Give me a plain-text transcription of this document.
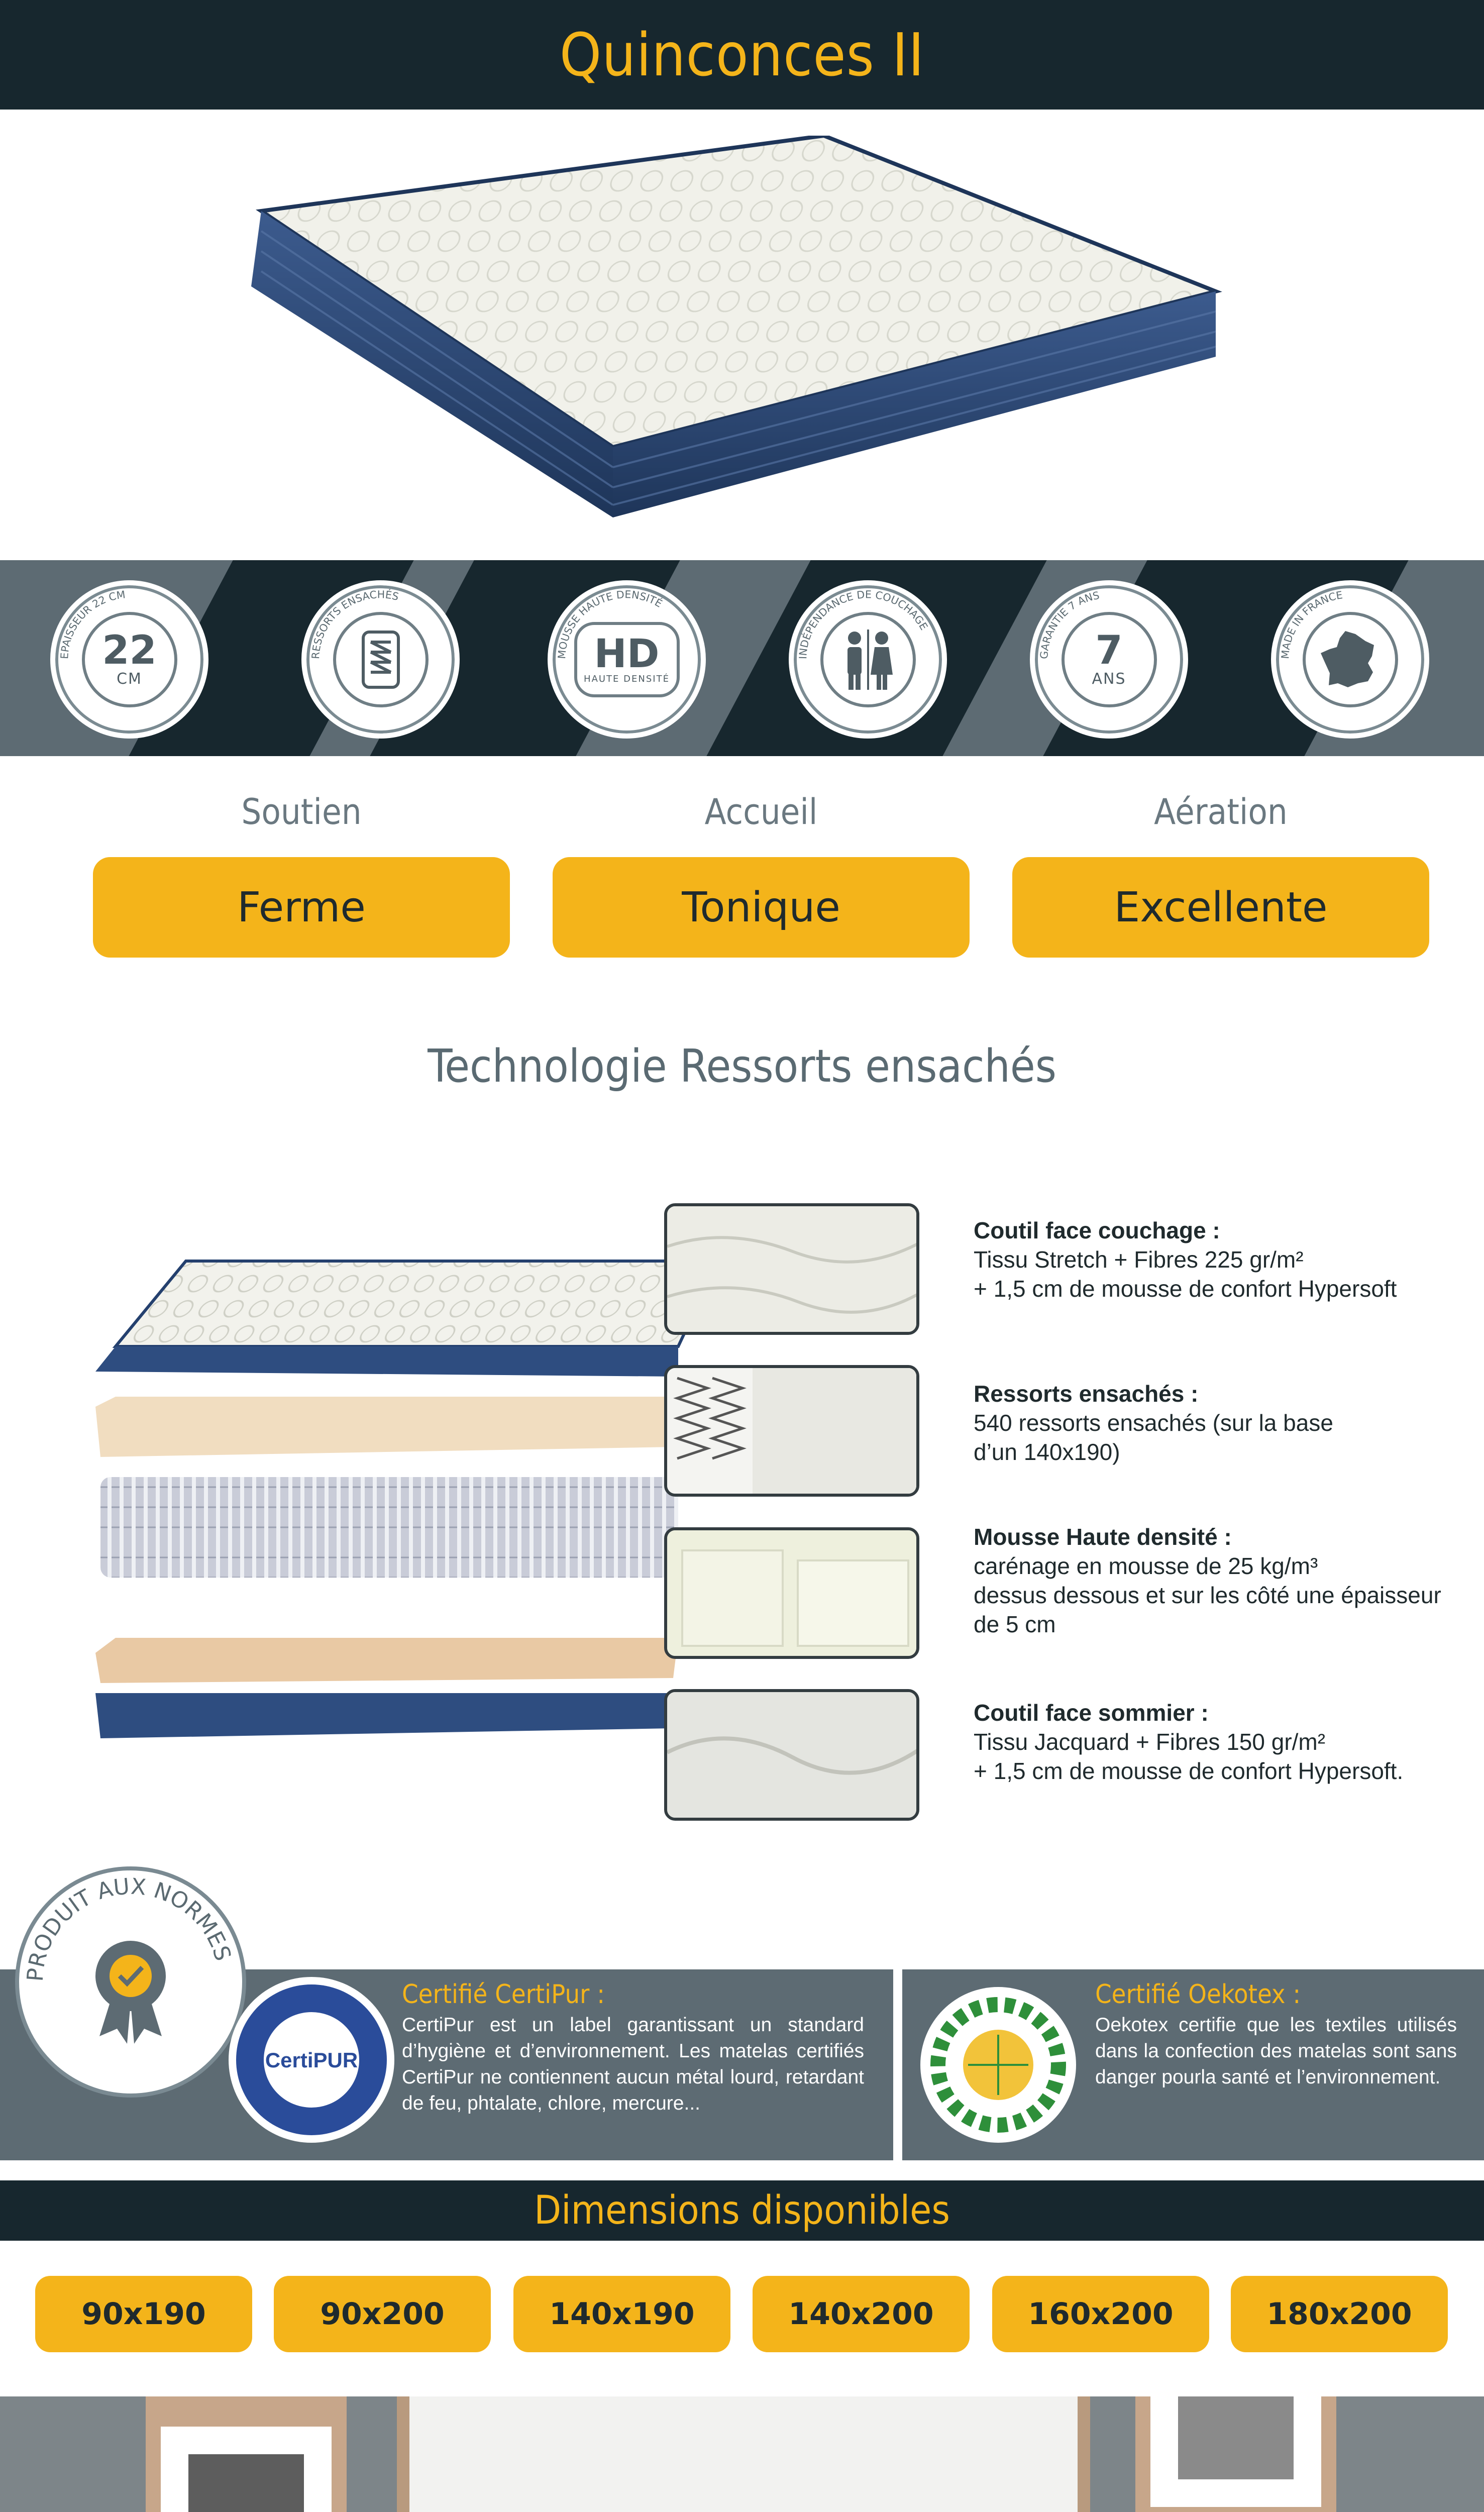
Quinconces II
EPAISSEUR 22 CM
22
CM
RESSORTS ENSACHÉS
MOUSSE HAUTE DENSITÉ
HD
HAUTE DENSITÉ
INDÉPENDANCE DE COUCHAGE
GARANTIE 7 ANS
7
ANS
MADE IN FRANCE
Soutien
Ferme
Accueil
Tonique
Aération
Excellente
Technologie Ressorts ensachés
Coutil face couchage :
Tissu Stretch + Fibres 225 gr/m²
+ 1,5 cm de mousse de confort Hypersoft
Ressorts ensachés :
540 ressorts ensachés (sur la base
d’un 140x190)
Mousse Haute densité :
carénage en mousse de 25 kg/m³
dessus dessous et sur les côté une épaisseur
de 5 cm
Coutil face sommier :
Tissu Jacquard + Fibres 150 gr/m²
+ 1,5 cm de mousse de confort Hypersoft.
PRODUIT AUX NORMES
CertiPUR
Certifié CertiPur :
CertiPur est un label garantissant un standard d’hygiène et d’environnement. Les matelas certifiés CertiPur ne contiennent aucun métal lourd, retardant de feu, phtalate, chlore, mercure...
Certifié Oekotex :
Oekotex certifie que les textiles utilisés dans la confection des matelas sont sans danger pourla santé et l’environnement.
Dimensions disponibles
90x190	90x200	140x190	140x200	160x200	180x200
